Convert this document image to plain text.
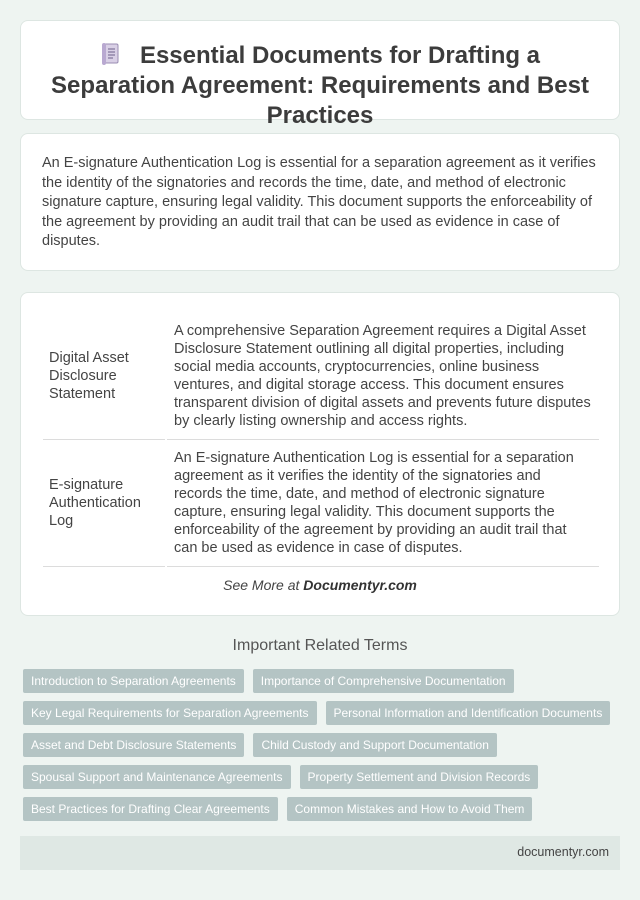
Essential Documents for Drafting a Separation Agreement: Requirements and Best Practices

An E-signature Authentication Log is essential for a separation agreement as it verifies the identity of the signatories and records the time, date, and method of electronic signature capture, ensuring legal validity. This document supports the enforceability of the agreement by providing an audit trail that can be used as evidence in case of disputes.

Digital Asset Disclosure Statement	A comprehensive Separation Agreement requires a Digital Asset Disclosure Statement outlining all digital properties, including social media accounts, cryptocurrencies, online business ventures, and digital storage access. This document ensures transparent division of digital assets and prevents future disputes by clearly listing ownership and access rights.
E-signature Authentication Log	An E-signature Authentication Log is essential for a separation agreement as it verifies the identity of the signatories and records the time, date, and method of electronic signature capture, ensuring legal validity. This document supports the enforceability of the agreement by providing an audit trail that can be used as evidence in case of disputes.
See More at Documentyr.com
Important Related Terms
Introduction to Separation Agreements	Importance of Comprehensive Documentation
Key Legal Requirements for Separation Agreements	Personal Information and Identification Documents
Asset and Debt Disclosure Statements	Child Custody and Support Documentation
Spousal Support and Maintenance Agreements	Property Settlement and Division Records
Best Practices for Drafting Clear Agreements	Common Mistakes and How to Avoid Them
documentyr.com
